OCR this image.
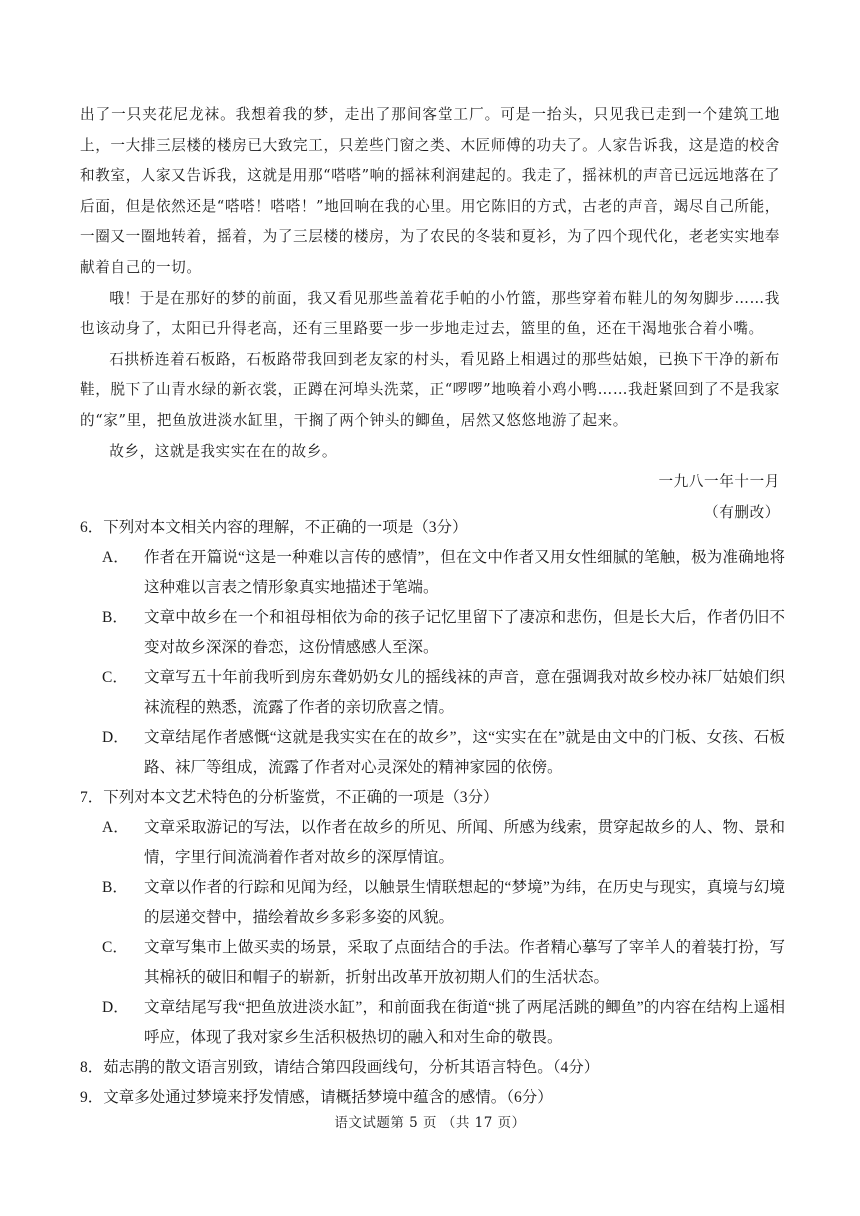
出了一只夹花尼龙袜。我想着我的梦，走出了那间客堂工厂。可是一抬头，只见我已走到一个建筑工地上，一大排三层楼的楼房已大致完工，只差些门窗之类、木匠师傅的功夫了。人家告诉我，这是造的校舍和教室，人家又告诉我，这就是用那“嗒嗒”响的摇袜利润建起的。我走了，摇袜机的声音已远远地落在了后面，但是依然还是“嗒嗒！嗒嗒！”地回响在我的心里。用它陈旧的方式，古老的声音，竭尽自己所能，一圈又一圈地转着，摇着，为了三层楼的楼房，为了农民的冬装和夏衫，为了四个现代化，老老实实地奉献着自己的一切。

哦！于是在那好的梦的前面，我又看见那些盖着花手帕的小竹篮，那些穿着布鞋儿的匆匆脚步……我也该动身了，太阳已升得老高，还有三里路要一步一步地走过去，篮里的鱼，还在干渴地张合着小嘴。

石拱桥连着石板路，石板路带我回到老友家的村头，看见路上相遇过的那些姑娘，已换下干净的新布鞋，脱下了山青水绿的新衣裳，正蹲在河埠头洗菜，正“啰啰”地唤着小鸡小鸭……我赶紧回到了不是我家的“家”里，把鱼放进淡水缸里，干搁了两个钟头的鲫鱼，居然又悠悠地游了起来。

故乡，这就是我实实在在的故乡。

一九八一年十一月

（有删改）

6．下列对本文相关内容的理解，不正确的一项是（3分）

A． 作者在开篇说“这是一种难以言传的感情”，但在文中作者又用女性细腻的笔触，极为准确地将这种难以言表之情形象真实地描述于笔端。
B．	文章中故乡在一个和祖母相依为命的孩子记忆里留下了凄凉和悲伤，但是长大后，作者仍旧不变对故乡深深的眷恋，这份情感感人至深。
C．	文章写五十年前我听到房东聋奶奶女儿的摇线袜的声音，意在强调我对故乡校办袜厂姑娘们织袜流程的熟悉，流露了作者的亲切欣喜之情。
D． 文章结尾作者感慨“这就是我实实在在的故乡”，这“实实在在”就是由文中的门板、女孩、石板路、袜厂等组成，流露了作者对心灵深处的精神家园的依傍。

7．下列对本文艺术特色的分析鉴赏，不正确的一项是（3分）

A． 文章采取游记的写法，以作者在故乡的所见、所闻、所感为线索，贯穿起故乡的人、物、景和情，字里行间流淌着作者对故乡的深厚情谊。
B．	文章以作者的行踪和见闻为经，以触景生情联想起的“梦境”为纬，在历史与现实，真境与幻境的层递交替中，描绘着故乡多彩多姿的风貌。
C．	文章写集市上做买卖的场景，采取了点面结合的手法。作者精心摹写了宰羊人的着装打扮，写其棉袄的破旧和帽子的崭新，折射出改革开放初期人们的生活状态。
D． 文章结尾写我“把鱼放进淡水缸”，和前面我在街道“挑了两尾活跳的鲫鱼”的内容在结构上遥相呼应，体现了我对家乡生活积极热切的融入和对生命的敬畏。

8．茹志鹃的散文语言别致，请结合第四段画线句，分析其语言特色。（4分）

9．文章多处通过梦境来抒发情感，请概括梦境中蕴含的感情。（6分）

语文试题第 5 页 （共 17 页）
